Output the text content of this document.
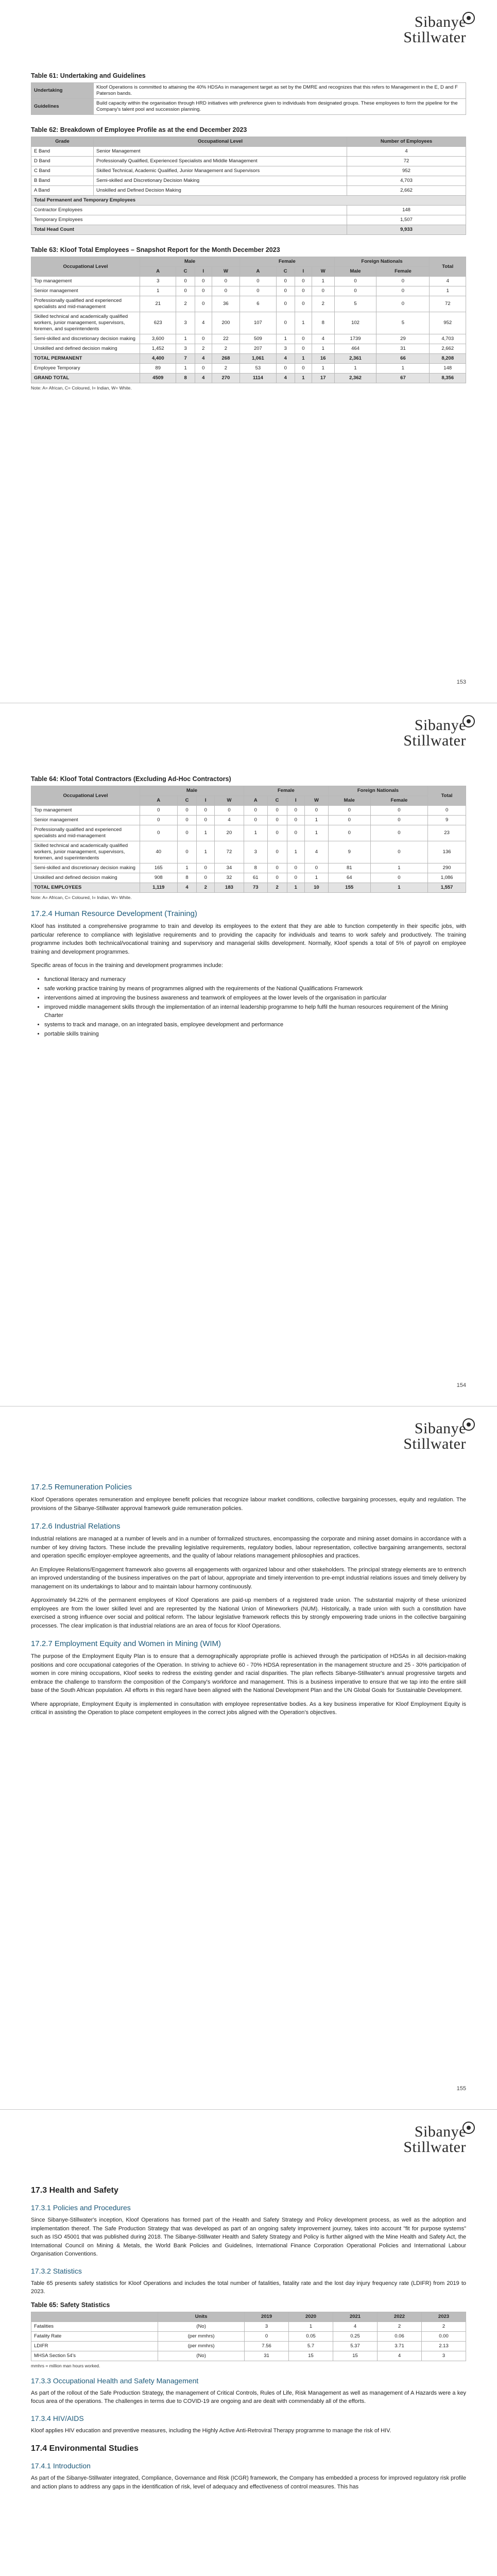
Sibanye
Stillwater
Table 61: Undertaking and Guidelines
Undertaking	Kloof Operations is committed to attaining the 40% HDSAs in management target as set by the DMRE and recognizes that this refers to Management in the E, D and F Paterson bands.
Guidelines	Build capacity within the organisation through HRD initiatives with preference given to individuals from designated groups. These employees to form the pipeline for the Company's talent pool and succession planning.
Table 62: Breakdown of Employee Profile as at the end December 2023
Grade	Occupational Level	Number of Employees
E Band	Senior Management	4
D Band	Professionally Qualified, Experienced Specialists and Middle Management	72
C Band	Skilled Technical, Academic Qualified, Junior Management and Supervisors	952
B Band	Semi-skilled and Discretionary Decision Making	4,703
A Band	Unskilled and Defined Decision Making	2,662
Total Permanent and Temporary Employees		
Contractor Employees		148
Temporary Employees		1,507
Total Head Count		9,933
Table 63: Kloof Total Employees – Snapshot Report for the Month December 2023
Occupational Level	Male				Female				Foreign Nationals		Total
	A	C	I	W	A	C	I	W	Male	Female	
Top management	3	0	0	0	0	0	0	1	0	0	4
Senior management	1	0	0	0	0	0	0	0	0	0	1
Professionally qualified and experienced specialists and mid-management	21	2	0	36	6	0	0	2	5	0	72
Skilled technical and academically qualified workers, junior management, supervisors, foremen, and superintendents	623	3	4	200	107	0	1	8	102	5	952
Semi-skilled and discretionary decision making	3,600	1	0	22	509	1	0	4	1739	29	4,703
Unskilled and defined decision making	1,452	3	2	2	207	3	0	1	464	31	2,662
TOTAL PERMANENT	4,400	7	4	268	1,061	4	1	16	2,361	66	8,208
Employee Temporary	89	1	0	2	53	0	0	1	1	1	148
GRAND TOTAL	4509	8	4	270	1114	4	1	17	2,362	67	8,356
Note: A= African, C= Coloured, I= Indian, W= White.
153
Sibanye
Stillwater
Table 64: Kloof Total Contractors (Excluding Ad-Hoc Contractors)
Occupational Level	Male				Female				Foreign Nationals		Total
	A	C	I	W	A	C	I	W	Male	Female	
Top management	0	0	0	0	0	0	0	0	0	0	0
Senior management	0	0	0	4	0	0	0	1	0	0	9
Professionally qualified and experienced specialists and mid-management	0	0	1	20	1	0	0	1	0	0	23
Skilled technical and academically qualified workers, junior management, supervisors, foremen, and superintendents	40	0	1	72	3	0	1	4	9	0	136
Semi-skilled and discretionary decision making	165	1	0	34	8	0	0	0	81	1	290
Unskilled and defined decision making	908	8	0	32	61	0	0	1	64	0	1,086
TOTAL EMPLOYEES	1,119	4	2	183	73	2	1	10	155	1	1,557
Note: A= African, C= Coloured, I= Indian, W= White.
17.2.4 Human Resource Development (Training)

Kloof has instituted a comprehensive programme to train and develop its employees to the extent that they are able to function competently in their specific jobs, with particular reference to compliance with legislative requirements and to providing the capacity for individuals and teams to work safely and productively. The training programme includes both technical/vocational training and supervisory and managerial skills development. Normally, Kloof spends a total of 5% of payroll on employee training and development programmes.

Specific areas of focus in the training and development programmes include:

• functional literacy and numeracy
• safe working practice training by means of programmes aligned with the requirements of the National Qualifications Framework
• interventions aimed at improving the business awareness and teamwork of employees at the lower levels of the organisation in particular
• improved middle management skills through the implementation of an internal leadership programme to help fulfil the human resources requirement of the Mining Charter
• systems to track and manage, on an integrated basis, employee development and performance
• portable skills training
154
Sibanye
Stillwater
17.2.5 Remuneration Policies

Kloof Operations operates remuneration and employee benefit policies that recognize labour market conditions, collective bargaining processes, equity and regulation. The provisions of the Sibanye-Stillwater approval framework guide remuneration policies.

17.2.6 Industrial Relations

Industrial relations are managed at a number of levels and in a number of formalized structures, encompassing the corporate and mining asset domains in accordance with a number of key driving factors. These include the prevailing legislative requirements, regulatory bodies, labour representation, collective bargaining arrangements, sectoral and operation specific employer-employee agreements, and the quality of labour relations management philosophies and practices.

An Employee Relations/Engagement framework also governs all engagements with organized labour and other stakeholders. The principal strategy elements are to entrench an improved understanding of the business imperatives on the part of labour, appropriate and timely intervention to pre-empt industrial relations issues and timely delivery by management on its undertakings to labour and to maintain labour harmony continuously.

Approximately 94.22% of the permanent employees of Kloof Operations are paid-up members of a registered trade union. The substantial majority of these unionized employees are from the lower skilled level and are represented by the National Union of Mineworkers (NUM). Historically, a trade union with such a constitution have exercised a strong influence over social and political reform. The labour legislative framework reflects this by strongly empowering trade unions in the collective bargaining processes. The clear implication is that industrial relations are an area of focus for Kloof Operations.

17.2.7 Employment Equity and Women in Mining (WIM)

The purpose of the Employment Equity Plan is to ensure that a demographically appropriate profile is achieved through the participation of HDSAs in all decision-making positions and core occupational categories of the Operation. In striving to achieve 60 - 70% HDSA representation in the management structure and 25 - 30% participation of women in core mining occupations, Kloof seeks to redress the existing gender and racial disparities. The plan reflects Sibanye-Stillwater's annual progressive targets and embrace the challenge to transform the composition of the Company's workforce and management. This is a business imperative to ensure that we tap into the entire skill base of the South African population. All efforts in this regard have been aligned with the National Development Plan and the UN Global Goals for Sustainable Development.

Where appropriate, Employment Equity is implemented in consultation with employee representative bodies. As a key business imperative for Kloof Employment Equity is critical in assisting the Operation to place competent employees in the correct jobs aligned with the Operation's objectives.

155
Sibanye
Stillwater
17.3 Health and Safety
17.3.1 Policies and Procedures

Since Sibanye-Stillwater's inception, Kloof Operations has formed part of the Health and Safety Strategy and Policy development process, as well as the adoption and implementation thereof. The Safe Production Strategy that was developed as part of an ongoing safety improvement journey, takes into account "fit for purpose systems" such as ISO 45001 that was published during 2018. The Sibanye-Stillwater Health and Safety Strategy and Policy is further aligned with the Mine Health and Safety Act, the International Council on Mining & Metals, the World Bank Policies and Guidelines, International Finance Corporation Operational Policies and International Labour Organisation Conventions.

17.3.2 Statistics

Table 65 presents safety statistics for Kloof Operations and includes the total number of fatalities, fatality rate and the lost day injury frequency rate (LDIFR) from 2019 to 2023.

Table 65: Safety Statistics
	Units	2019	2020	2021	2022	2023
Fatalities	(No)	3	1	4	2	2
Fatality Rate	(per mmhrs)	0	0.05	0.25	0.06	0.00
LDIFR	(per mmhrs)	7.56	5.7	5.37	3.71	2.13
MHSA Section 54's	(No)	31	15	15	4	3
mmhrs = million man hours worked.
17.3.3 Occupational Health and Safety Management

As part of the rollout of the Safe Production Strategy, the management of Critical Controls, Rules of Life, Risk Management as well as management of A Hazards were a key focus area of the operations. The challenges in terms due to COVID-19 are ongoing and are dealt with commendably all of the efforts.

17.3.4 HIV/AIDS

Kloof applies HIV education and preventive measures, including the Highly Active Anti-Retroviral Therapy programme to manage the risk of HIV.

17.4 Environmental Studies
17.4.1 Introduction

As part of the Sibanye-Stillwater integrated, Compliance, Governance and Risk (ICGR) framework, the Company has embedded a process for improved regulatory risk profile and action plans to address any gaps in the identification of risk, level of adequacy and effectiveness of control measures. This has
